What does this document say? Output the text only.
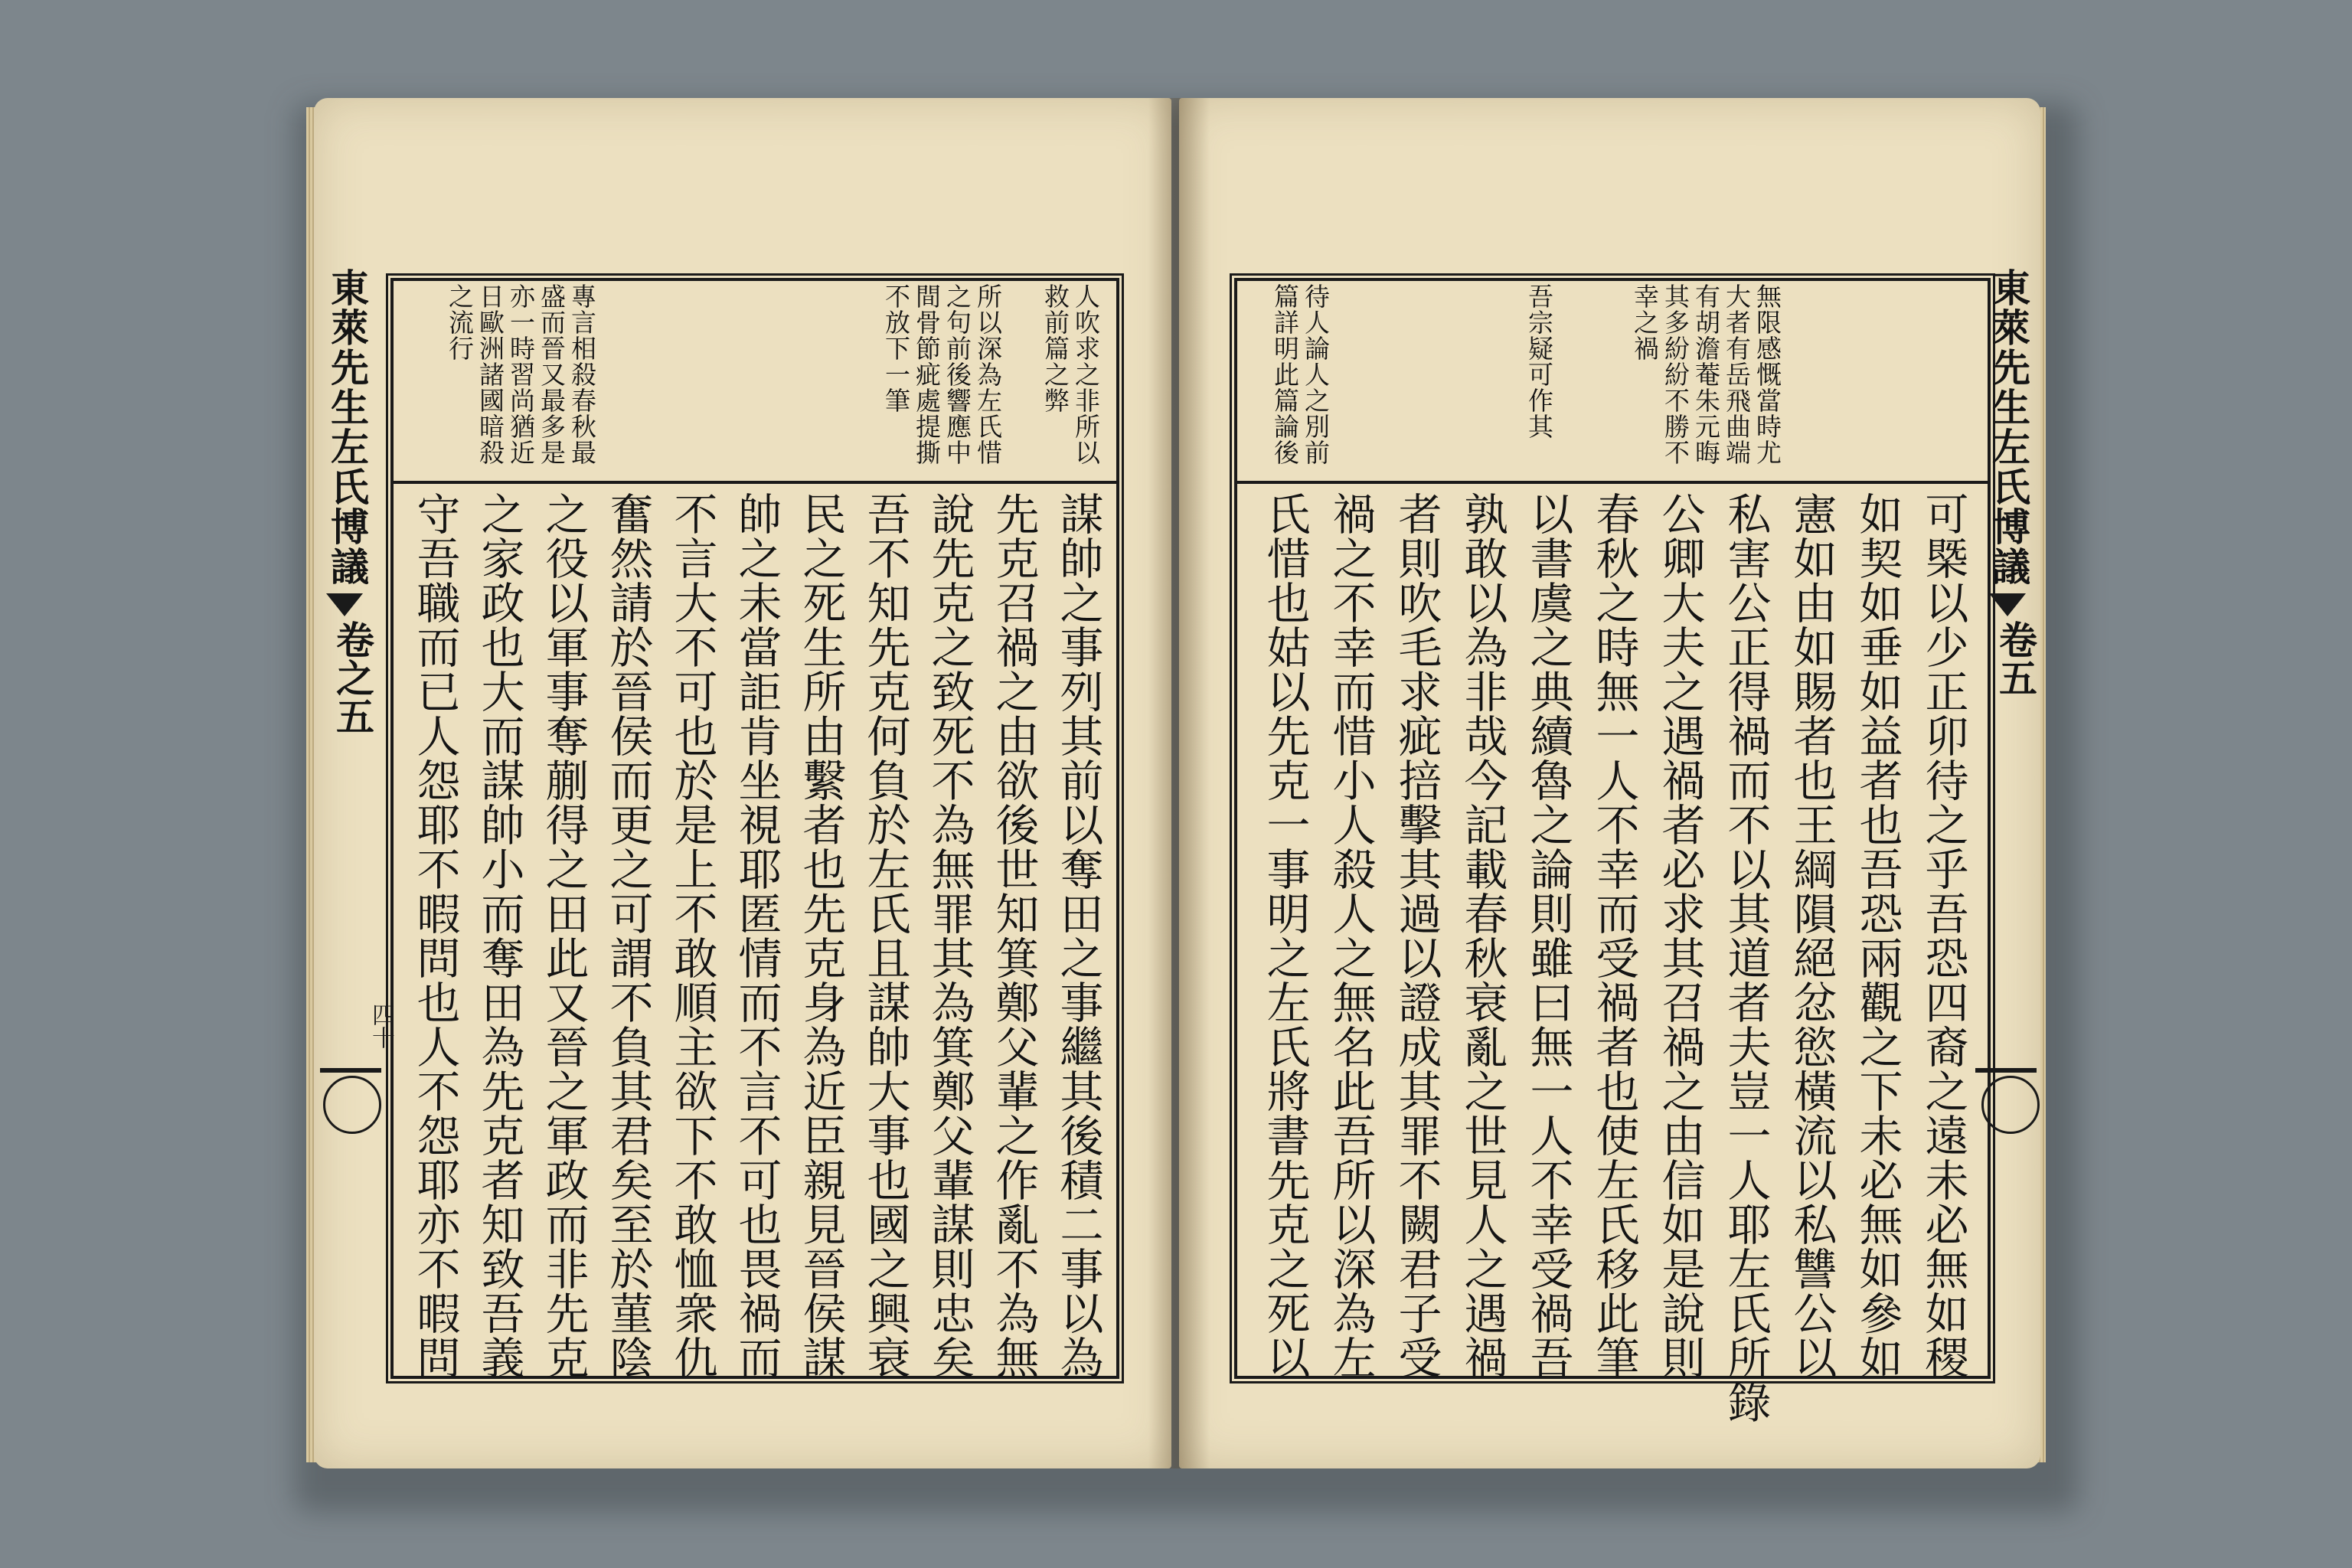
人吹求之非所以
救前篇之弊
所以深為左氏惜
之句前後響應中
間骨節疵處提撕
不放下一筆
專言相殺春秋最
盛而晉又最多是
亦一時習尚猶近
日歐洲諸國暗殺
之流行
謀帥之事列其前以奪田之事繼其後積二事以為
先克召禍之由欲後世知箕鄭父輩之作亂不為無
說先克之致死不為無罪其為箕鄭父輩謀則忠矣
吾不知先克何負於左氏且謀帥大事也國之興衰
民之死生所由繫者也先克身為近臣親見晉侯謀
帥之未當詎肯坐視耶匿情而不言不可也畏禍而
不言大不可也於是上不敢順主欲下不敢恤衆仇
奮然請於晉侯而更之可謂不負其君矣至於菫陰
之役以軍事奪蒯得之田此又晉之軍政而非先克
之家政也大而謀帥小而奪田為先克者知致吾義
守吾職而已人怨耶不暇問也人不怨耶亦不暇問
東萊先生左氏博議
卷之五
四十
無限感慨當時尤
大者有岳飛曲端
有胡澹菴朱元晦
其多紛紛不勝不
幸之禍
吾宗疑可作其
待人論人之別前
篇詳明此篇論後
可槩以少正卯待之乎吾恐四裔之遠未必無如稷
如契如垂如益者也吾恐兩觀之下未必無如參如
憲如由如賜者也王綱隕絕忿慾橫流以私讐公以
私害公正得禍而不以其道者夫豈一人耶左氏所錄
公卿大夫之遇禍者必求其召禍之由信如是說則
春秋之時無一人不幸而受禍者也使左氏移此筆
以書虞之典續魯之論則雖曰無一人不幸受禍吾
孰敢以為非哉今記載春秋衰亂之世見人之遇禍
者則吹毛求疵掊擊其過以證成其罪不闕君子受
禍之不幸而惜小人殺人之無名此吾所以深為左
氏惜也姑以先克一事明之左氏將書先克之死以
東萊先生左氏博議
卷五
